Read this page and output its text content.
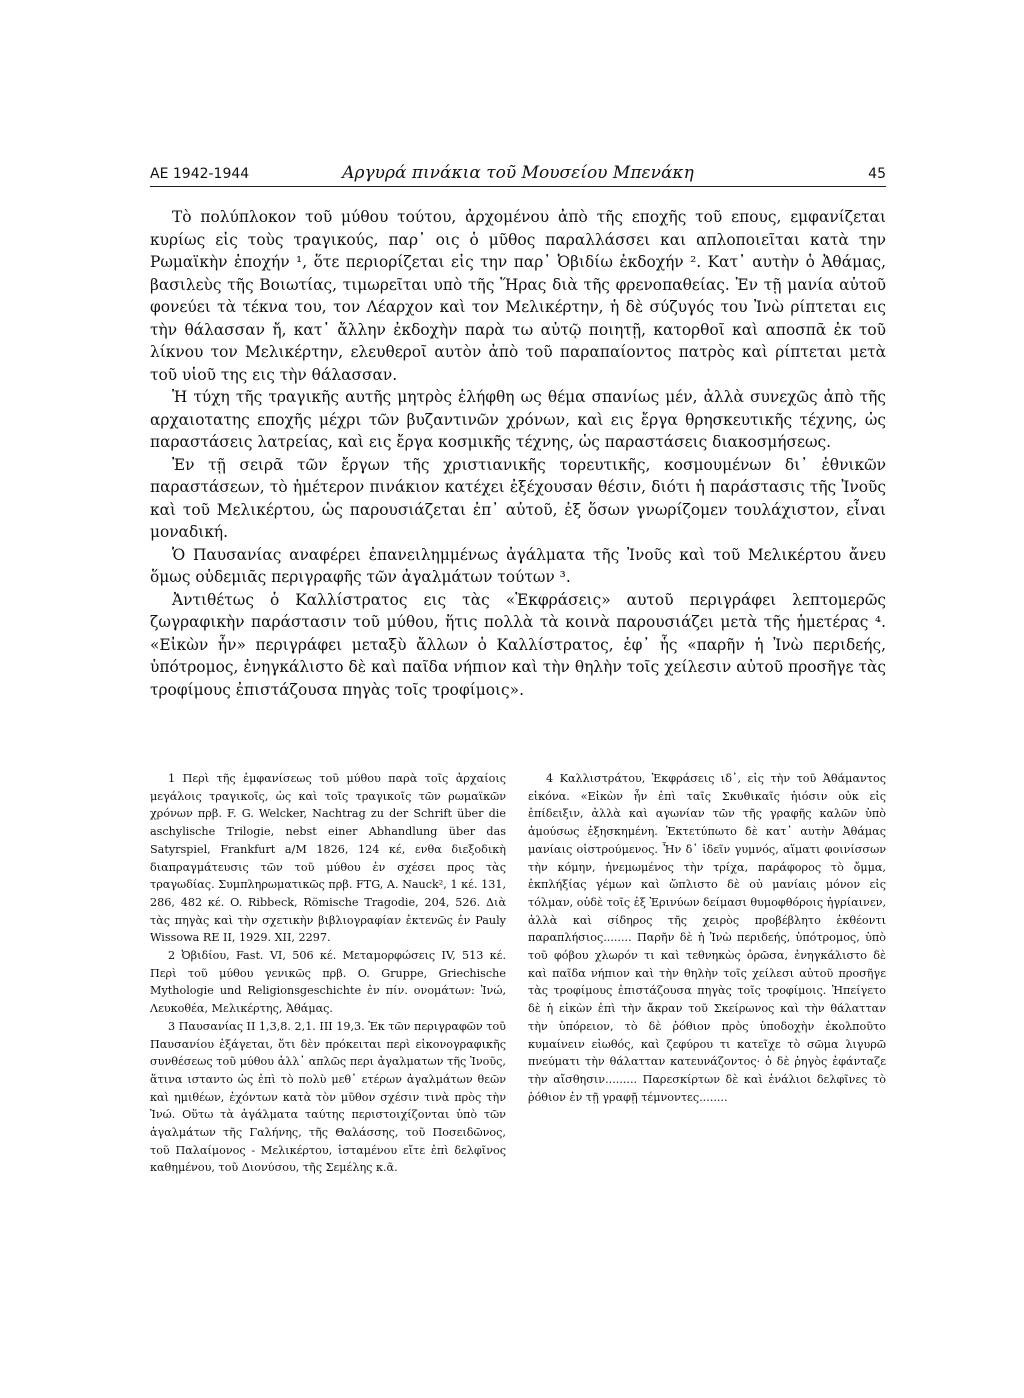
ΑΕ 1942-1944	Αργυρά πινάκια τοῦ Μουσείου Μπενάκη	45

Τὸ πολύπλοκον τοῦ μύθου τούτου, ἀρχομένου ἀπὸ τῆς εποχῆς τοῦ επους, εμφανίζεται κυρίως εἰς τοὺς τραγικούς, παρ᾿ οις ὁ μῦθος παραλλάσσει και απλοποιεῖται κατὰ την Ρωμαϊκὴν ἐποχήν ¹, ὅτε περιορίζεται εἰς την παρ᾿ Ὀβιδίω ἐκδοχήν ². Κατ᾿ αυτὴν ὁ Ἀθάμας, βασιλεὺς τῆς Βοιωτίας, τιμωρεῖται υπὸ τῆς Ἥρας διὰ τῆς φρενοπαθείας. Ἐν τῇ μανία αὐτοῦ φονεύει τὰ τέκνα του, τον Λέαρχον καὶ τον Μελικέρτην, ἡ δὲ σύζυγός του Ἰνὼ ρίπτεται εις τὴν θάλασσαν ἤ, κατ᾿ ἄλλην ἐκδοχὴν παρὰ τω αὐτῷ ποιητῇ, κατορθοῖ καὶ αποσπᾶ ἐκ τοῦ λίκνου τον Μελικέρτην, ελευθεροῖ αυτὸν ἀπὸ τοῦ παραπαίοντος πατρὸς καὶ ρίπτεται μετὰ τοῦ υἱοῦ της εις τὴν θάλασσαν.

Ἡ τύχη τῆς τραγικῆς αυτῆς μητρὸς ἐλήφθη ως θέμα σπανίως μέν, ἀλλὰ συνεχῶς ἀπὸ τῆς αρχαιοτατης εποχῆς μέχρι τῶν βυζαντινῶν χρόνων, καὶ εις ἔργα θρησκευτικῆς τέχνης, ὡς παραστάσεις λατρείας, καὶ εις ἔργα κοσμικῆς τέχνης, ὡς παραστάσεις διακοσμήσεως.

Ἐν τῇ σειρᾶ τῶν ἔργων τῆς χριστιανικῆς τορευτικῆς, κοσμουμένων δι᾿ ἐθνικῶν παραστάσεων, τὸ ἡμέτερον πινάκιον κατέχει ἐξέχουσαν θέσιν, διότι ἡ παράστασις τῆς Ἰνοῦς καὶ τοῦ Μελικέρτου, ὡς παρουσιάζεται ἐπ᾿ αὐτοῦ, ἐξ ὅσων γνωρίζομεν τουλάχιστον, εἶναι μοναδική.

Ὁ Παυσανίας αναφέρει ἐπανειλημμένως ἀγάλματα τῆς Ἰνοῦς καὶ τοῦ Μελικέρτου ἄνευ ὅμως οὐδεμιᾶς περιγραφῆς τῶν ἀγαλμάτων τούτων ³.

Ἀντιθέτως ὁ Καλλίστρατος εις τὰς «Ἐκφράσεις» αυτοῦ περιγράφει λεπτομερῶς ζωγραφικὴν παράστασιν τοῦ μύθου, ἥτις πολλὰ τὰ κοινὰ παρουσιάζει μετὰ τῆς ἡμετέρας ⁴. «Εἰκὼν ἦν» περιγράφει μεταξὺ ἄλλων ὁ Καλλίστρατος, ἐφ᾿ ἧς «παρῆν ἡ Ἰνὼ περιδεής, ὑπότρομος, ἐνηγκάλιστο δὲ καὶ παῖδα νήπιον καὶ τὴν θηλὴν τοῖς χείλεσιν αὐτοῦ προσῆγε τὰς τροφίμους ἐπιστάζουσα πηγὰς τοῖς τροφίμοις».

1 Περὶ τῆς ἐμφανίσεως τοῦ μύθου παρὰ τοῖς ἀρχαίοις μεγάλοις τραγικοῖς, ὡς καὶ τοῖς τραγικοῖς τῶν ρωμαϊκῶν χρόνων πρβ. F. G. Welcker, Nachtrag zu der Schrift über die aschylische Trilogie, nebst einer Abhandlung über das Satyrspiel, Frankfurt a/M 1826, 124 κέ, ενθα διεξοδικὴ διαπραγμάτευσις τῶν τοῦ μύθου ἐν σχέσει προς τὰς τραγωδίας. Συμπληρωματικῶς πρβ. FTG, A. Nauck², 1 κέ. 131, 286, 482 κέ. O. Ribbeck, Römische Tragodie, 204, 526. Διὰ τὰς πηγὰς καὶ τὴν σχετικὴν βιβλιογραφίαν ἐκτενῶς ἐν Pauly Wissowa RE II, 1929. XII, 2297.

2 Ὀβιδίου, Fast. VI, 506 κέ. Μεταμορφώσεις IV, 513 κέ. Περὶ τοῦ μύθου γενικῶς πρβ. O. Gruppe, Griechische Mythologie und Religionsgeschichte ἐν πίν. ονομάτων: Ἰνώ, Λευκοθέα, Μελικέρτης, Ἀθάμας.

3 Παυσανίας II 1,3,8. 2,1. III 19,3. Ἐκ τῶν περιγραφῶν τοῦ Παυσανίου ἐξάγεται, ὅτι δὲν πρόκειται περὶ εἰκονογραφικῆς συνθέσεως τοῦ μύθου ἀλλ᾿ απλῶς περι ἀγαλματων τῆς Ἰνοῦς, ἅτινα ισταντο ὡς ἐπὶ τὸ πολὺ μεθ᾿ ετέρων ἀγαλμάτων θεῶν καὶ ημιθέων, ἐχόντων κατὰ τὸν μῦθον σχέσιν τινὰ πρὸς τὴν Ἰνώ. Οὕτω τὰ ἀγάλματα ταύτης περιστοιχίζονται ὑπὸ τῶν ἀγαλμάτων τῆς Γαλήνης, τῆς Θαλάσσης, τοῦ Ποσειδῶνος, τοῦ Παλαίμονος - Μελικέρτου, ἱσταμένου εἴτε ἐπὶ δελφῖνος καθημένου, τοῦ Διονύσου, τῆς Σεμέλης κ.ᾶ.

4 Καλλιστράτου, Ἐκφράσεις ιδ᾿, εἰς τὴν τοῦ Ἀθάμαντος εἰκόνα. «Εἰκὼν ἦν ἐπὶ ταῖς Σκυθικαῖς ἠιόσιν οὐκ εἰς ἐπίδειξιν, ἀλλὰ καὶ αγωνίαν τῶν τῆς γραφῆς καλῶν ὑπὸ ἀμούσως ἐξησκημένη. Ἐκτετύπωτο δὲ κατ᾿ αυτὴν Ἀθάμας μανίαις οἰστρούμενος. Ἦν δ᾿ ἰδεῖν γυμνός, αἵματι φοινίσσων τὴν κόμην, ἠνεμωμένος τὴν τρίχα, παράφορος τὸ ὄμμα, ἐκπλήξίας γέμων καὶ ὥπλιστο δὲ οὐ μανίαις μόνον εἰς τόλμαν, οὐδὲ τοῖς ἐξ Ἐρινύων δείμασι θυμοφθόροις ἠγρίαινεν, ἀλλὰ καὶ σίδηρος τῆς χειρὸς προβέβλητο ἐκθέοντι παραπλήσιος........ Παρῆν δὲ ἡ Ἰνὼ περιδεής, ὑπότρομος, ὑπὸ τοῦ φόβου χλωρόν τι καὶ τεθνηκὼς ὁρῶσα, ἐνηγκάλιστο δὲ καὶ παῖδα νήπιον καὶ τὴν θηλὴν τοῖς χείλεσι αὐτοῦ προσῆγε τὰς τροφίμους ἐπιστάζουσα πηγὰς τοῖς τροφίμοις. Ἠπείγετο δὲ ἡ εἰκὼν ἐπὶ τὴν ἄκραν τοῦ Σκείρωνος καὶ τὴν θάλατταν τὴν ὑπόρειον, τὸ δὲ ῥόθιον πρὸς ὑποδοχὴν ἐκολποῦτο κυμαίνειν εἰωθός, καὶ ζεφύρου τι κατεῖχε τὸ σῶμα λιγυρῶ πνεύματι τὴν θάλατταν κατευνάζοντος· ὁ δὲ ῥηγὸς ἐφάνταζε τὴν αἴσθησιν......... Παρεσκίρτων δὲ καὶ ἐνάλιοι δελφῖνες τὸ ῥόθιον ἐν τῇ γραφῇ τέμνοντες........
